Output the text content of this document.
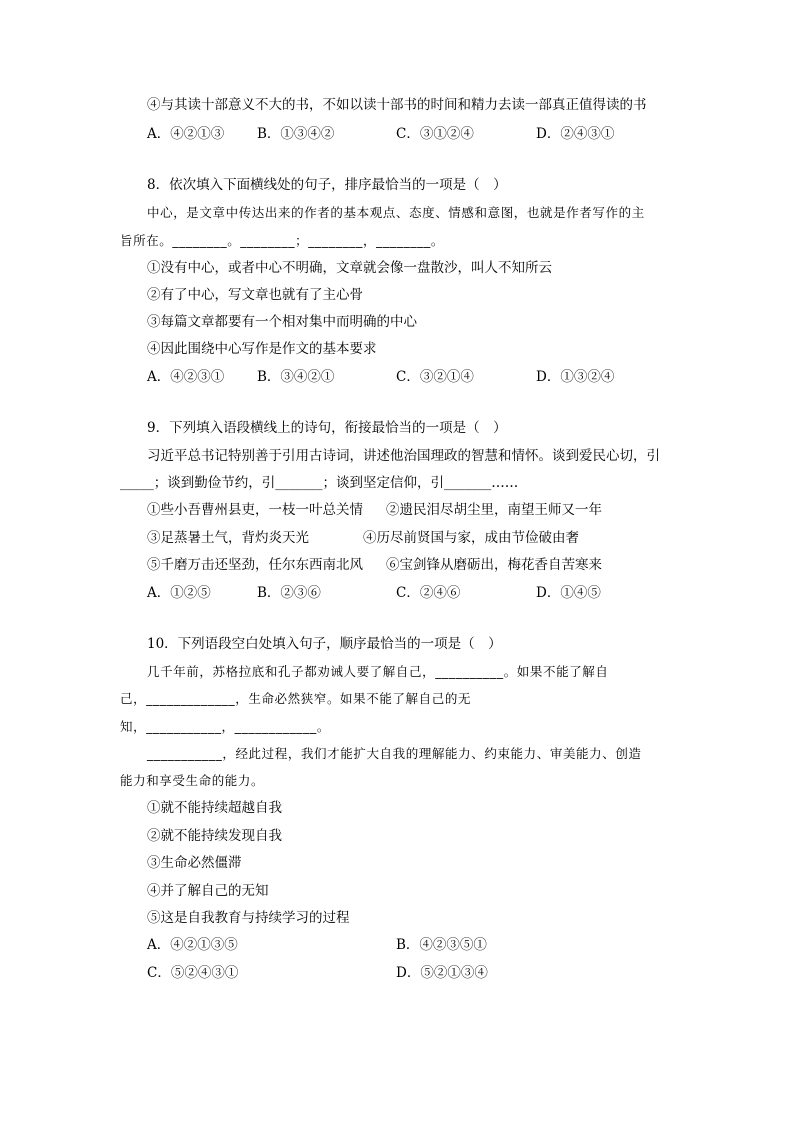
④与其读十部意义不大的书，不如以读十部书的时间和精力去读一部真正值得读的书
A．④②①③ B．①③④②	C．③①②④	D．②④③①
8．依次填入下面横线处的句子，排序最恰当的一项是（　）
中心，是文章中传达出来的作者的基本观点、态度、情感和意图，也就是作者写作的主
旨所在。________。________；________，________。
①没有中心，或者中心不明确，文章就会像一盘散沙，叫人不知所云
②有了中心，写文章也就有了主心骨
③每篇文章都要有一个相对集中而明确的中心
④因此围绕中心写作是作文的基本要求
A．④②③① B．③④②①	C．③②①④	D．①③②④
9．下列填入语段横线上的诗句，衔接最恰当的一项是（　）
习近平总书记特别善于引用古诗词，讲述他治国理政的智慧和情怀。谈到爱民心切，引
_____；谈到勤俭节约，引_______；谈到坚定信仰，引_______……
①些小吾曹州县吏，一枝一叶总关情 ②遗民泪尽胡尘里，南望王师又一年
③足蒸暑土气，背灼炎天光	④历尽前贤国与家，成由节俭破由奢
⑤千磨万击还坚劲，任尔东西南北风 ⑥宝剑锋从磨砺出，梅花香自苦寒来
A．①②⑤	B．②③⑥	C．②④⑥	D．①④⑤
10．下列语段空白处填入句子，顺序最恰当的一项是（　）
几千年前，苏格拉底和孔子都劝诫人要了解自己，__________。如果不能了解自
己，_____________，生命必然狭窄。如果不能了解自己的无
知，___________，____________。
___________，经此过程，我们才能扩大自我的理解能力、约束能力、审美能力、创造
能力和享受生命的能力。
①就不能持续超越自我
②就不能持续发现自我
③生命必然僵滞
④并了解自己的无知
⑤这是自我教育与持续学习的过程
A．④②①③⑤	B．④②③⑤①
C．⑤②④③①	D．⑤②①③④
